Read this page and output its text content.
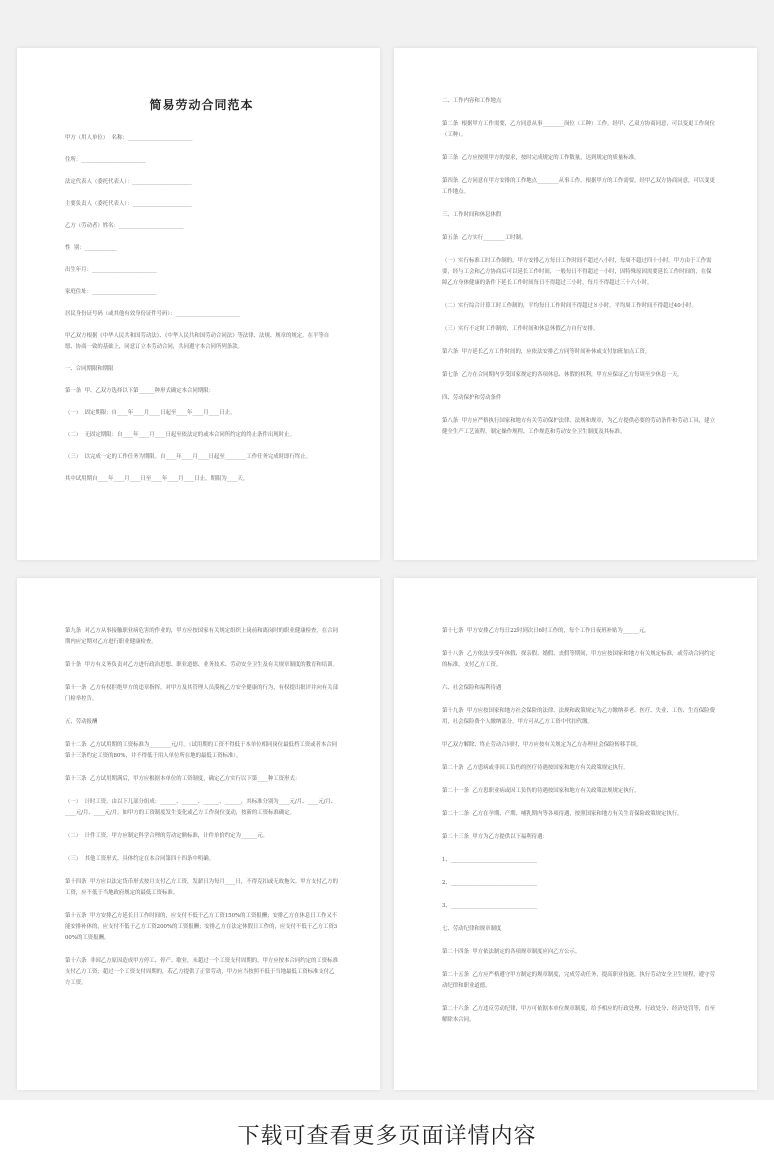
简易劳动合同范本
甲方（用人单位）  名称：________________________
住所：________________________
法定代表人（委托代表人）：______________________
主要负责人（委托代表人）：______________________
乙方（劳动者）姓名：________________________
性  别：____________
出生年月：________________________
家庭住址：________________________
居民身份证号码（或其他有效身份证件号码）：________________________
甲乙双方根据《中华人民共和国劳动法》、《中华人民共和国劳动合同法》等法律、法规、规章的规定，在平等自愿、协商一致的基础上，同意订立本劳动合同，共同遵守本合同所列条款。
一、合同期限和期限
第一条  甲、乙双方选择以下第______种形式确定本合同期限：
（一）  固定期限：自____年____月____日起至____年____月____日止。
（二）  无固定期限：自____年____月____日起至依法定的或本合同所约定的终止条件出现时止。
（三）  以完成一定的工作任务为期限。自____年____月____日起至________工作任务完成时即行终止。
其中试用期自____年____月____日至____年____月____日止，期限为____天。
二、工作内容和工作地点
第二条  根据甲方工作需要，乙方同意从事________岗位（工种）工作。经甲、乙双方协商同意，可以变更工作岗位（工种）。
第三条  乙方应按照甲方的要求，按时完成规定的工作数量，达到规定的质量标准。
第四条  乙方同意在甲方安排的工作地点________从事工作。根据甲方的工作需要，经甲乙双方协商同意，可以变更工作地点。
三、工作时间和休息休假
第五条  乙方实行________工时制。
（一）实行标准工时工作制的，甲方安排乙方每日工作时间不超过八小时，每周不超过四十小时。甲方由于工作需要，经与工会和乙方协商后可以延长工作时间，一般每日不得超过一小时，因特殊原因需要延长工作时间的，在保障乙方身体健康的条件下延长工作时间每日不得超过三小时，每月不得超过三十六小时。
（二）实行综合计算工时工作制的，平均每日工作时间不得超过８小时，平均周工作时间不得超过40小时。
（三）实行不定时工作制的，工作时间和休息休假乙方自行安排。
第六条  甲方延长乙方工作时间的，应依法安排乙方同等时间补休或支付加班加点工资。
第七条  乙方在合同期内享受国家规定的各项休息、休假的权利，甲方应保证乙方每周至少休息一天。
四、劳动保护和劳动条件
第八条  甲方应严格执行国家和地方有关劳动保护法律、法规和规章，为乙方提供必要的劳动条件和劳动工具，建立健全生产工艺流程，制定操作规程、工作规范和劳动安全卫生制度及其标准。
第九条  对乙方从事接触职业病危害的作业的，甲方应按国家有关规定组织上岗前和离岗时的职业健康检查，在合同期内应定期对乙方进行职业健康检查。
第十条  甲方有义务负责对乙方进行政治思想、职业道德、业务技术、劳动安全卫生及有关规章制度的教育和培训。
第十一条  乙方有权拒绝甲方的违章指挥，对甲方及其管理人员漠视乙方安全健康的行为，有权提出批评并向有关部门检举控告。
五、劳动报酬
第十二条  乙方试用期的工资标准为________元/月。（试用期的工资不得低于本单位相同岗位最低档工资或者本合同第十三条约定工资的80%，并不得低于用人单位所在地的最低工资标准）。
第十三条  乙方试用期满后，甲方应根据本单位的工资制度，确定乙方实行以下第____种工资形式：
（一）  计时工资。由以下几部分组成：______、______、______、______，其标准分别为____元/月、____元/月、____元/月、____元/月。如甲方的工资制度发生变化或乙方工作岗位变动，按新的工资标准确定。
（二）  计件工资。甲方应制定科学合理的劳动定额标准，计件单价约定为______元。
（三）  其他工资形式。具体约定在本合同第四十四条中明确。
第十四条  甲方应以法定货币形式按月支付乙方工资，发薪日为每月____日，不得克扣或无故拖欠。甲方支付乙方的工资，应不低于当地政府规定的最低工资标准。
第十五条  甲方安排乙方延长日工作时间的，应支付不低于乙方工资150%的工资报酬；安排乙方在休息日工作又不能安排补休的，应支付不低于乙方工资200%的工资报酬；安排乙方在法定休假日工作的，应支付不低于乙方工资300%的工资报酬。
第十六条  非因乙方原因造成甲方停工、停产、歇业，未超过一个工资支付周期的，甲方应按本合同约定的工资标准支付乙方工资；超过一个工资支付周期的，若乙方提供了正常劳动，甲方应当按照不低于当地最低工资标准支付乙方工资。
第十七条  甲方安排乙方每日22时到次日6时工作的，每个工作日夜班补贴为______元。
第十八条  乙方依法享受年休假、探亲假、婚假、丧假等期间，甲方应按国家和地方有关规定标准，或劳动合同约定的标准，支付乙方工资。
六、社会保险和福利待遇
第十九条  甲方应按国家和地方社会保险的法律、法规和政策规定为乙方缴纳养老、医疗、失业、工伤、生育保险费用，社会保险费个人缴纳部分，甲方可从乙方工资中代扣代缴。
甲乙双方解除、终止劳动合同时，甲方应按有关规定为乙方办理社会保险转移手续。
第二十条  乙方患病或非因工负伤的医疗待遇按国家和地方有关政策规定执行。
第二十一条  乙方患职业病或因工负伤的待遇按国家和地方有关政策法规规定执行。
第二十二条  乙方在孕期、产期、哺乳期内等各项待遇，按照国家和地方有关生育保险政策规定执行。
第二十三条  甲方为乙方提供以下福利待遇：
1、________________________________
2、________________________________
3、________________________________
七、劳动纪律和规章制度
第二十四条  甲方依法制定的各项规章制度应向乙方公示。
第二十五条  乙方应严格遵守甲方制定的规章制度，完成劳动任务，提高职业技能，执行劳动安全卫生规程，遵守劳动纪律和职业道德。
第二十六条  乙方违反劳动纪律，甲方可依据本单位规章制度，给予相应的行政处理、行政处分、经济处罚等，直至解除本合同。
下载可查看更多页面详情内容
